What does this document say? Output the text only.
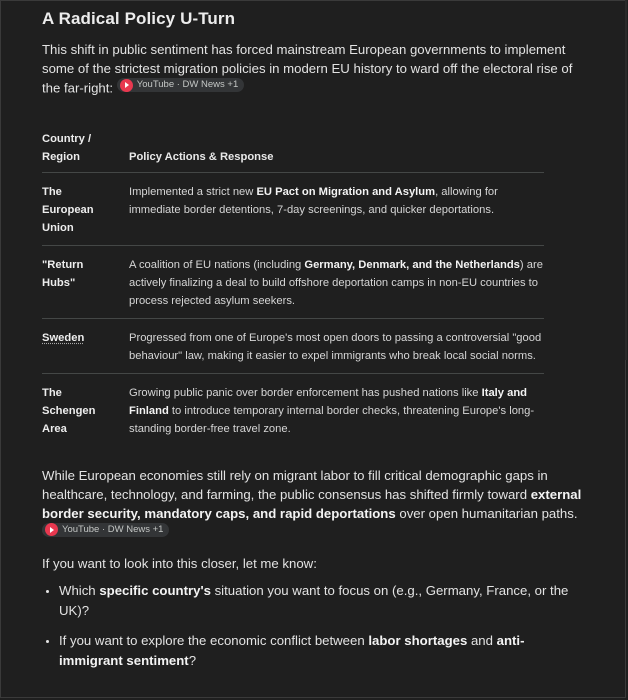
A Radical Policy U-Turn

This shift in public sentiment has forced mainstream European governments to implement some of the strictest migration policies in modern EU history to ward off the electoral rise of the far-right: YouTube · DW News +1

Country /
Region	Policy Actions & Response
The
European
Union	Implemented a strict new EU Pact on Migration and Asylum, allowing for immediate border detentions, 7-day screenings, and quicker deportations.
"Return
Hubs"	A coalition of EU nations (including Germany, Denmark, and the Netherlands) are actively finalizing a deal to build offshore deportation camps in non-EU countries to process rejected asylum seekers.
Sweden	Progressed from one of Europe's most open doors to passing a controversial "good behaviour" law, making it easier to expel immigrants who break local social norms.
The
Schengen
Area	Growing public panic over border enforcement has pushed nations like Italy and Finland to introduce temporary internal border checks, threatening Europe's long-standing border-free travel zone.

While European economies still rely on migrant labor to fill critical demographic gaps in healthcare, technology, and farming, the public consensus has shifted firmly toward external border security, mandatory caps, and rapid deportations over open humanitarian paths.
YouTube · DW News +1

If you want to look into this closer, let me know:

• Which specific country's situation you want to focus on (e.g., Germany, France, or the UK)?
• If you want to explore the economic conflict between labor shortages and anti-immigrant sentiment?
